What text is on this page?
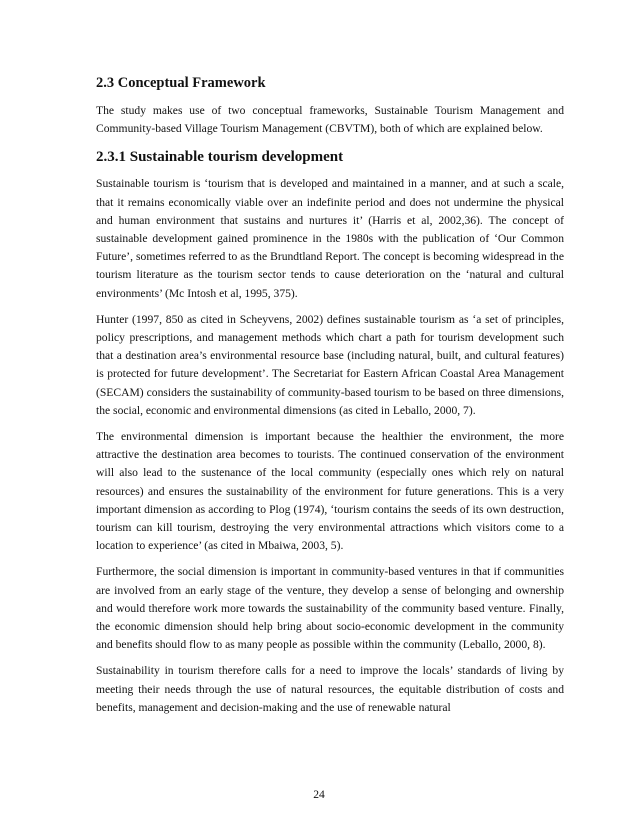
2.3 Conceptual Framework

The study makes use of two conceptual frameworks, Sustainable Tourism Management and Community-based Village Tourism Management (CBVTM), both of which are explained below.

2.3.1 Sustainable tourism development

Sustainable tourism is ‘tourism that is developed and maintained in a manner, and at such a scale, that it remains economically viable over an indefinite period and does not undermine the physical and human environment that sustains and nurtures it’ (Harris et al, 2002,36). The concept of sustainable development gained prominence in the 1980s with the publication of ‘Our Common Future’, sometimes referred to as the Brundtland Report. The concept is becoming widespread in the tourism literature as the tourism sector tends to cause deterioration on the ‘natural and cultural environments’ (Mc Intosh et al, 1995, 375).

Hunter (1997, 850 as cited in Scheyvens, 2002) defines sustainable tourism as ‘a set of principles, policy prescriptions, and management methods which chart a path for tourism development such that a destination area’s environmental resource base (including natural, built, and cultural features) is protected for future development’. The Secretariat for Eastern African Coastal Area Management (SECAM) considers the sustainability of community-based tourism to be based on three dimensions, the social, economic and environmental dimensions (as cited in Leballo, 2000, 7).

The environmental dimension is important because the healthier the environment, the more attractive the destination area becomes to tourists. The continued conservation of the environment will also lead to the sustenance of the local community (especially ones which rely on natural resources) and ensures the sustainability of the environment for future generations. This is a very important dimension as according to Plog (1974), ‘tourism contains the seeds of its own destruction, tourism can kill tourism, destroying the very environmental attractions which visitors come to a location to experience’ (as cited in Mbaiwa, 2003, 5).

Furthermore, the social dimension is important in community-based ventures in that if communities are involved from an early stage of the venture, they develop a sense of belonging and ownership and would therefore work more towards the sustainability of the community based venture. Finally, the economic dimension should help bring about socio-economic development in the community and benefits should flow to as many people as possible within the community (Leballo, 2000, 8).

Sustainability in tourism therefore calls for a need to improve the locals’ standards of living by meeting their needs through the use of natural resources, the equitable distribution of costs and benefits, management and decision-making and the use of renewable natural

24
